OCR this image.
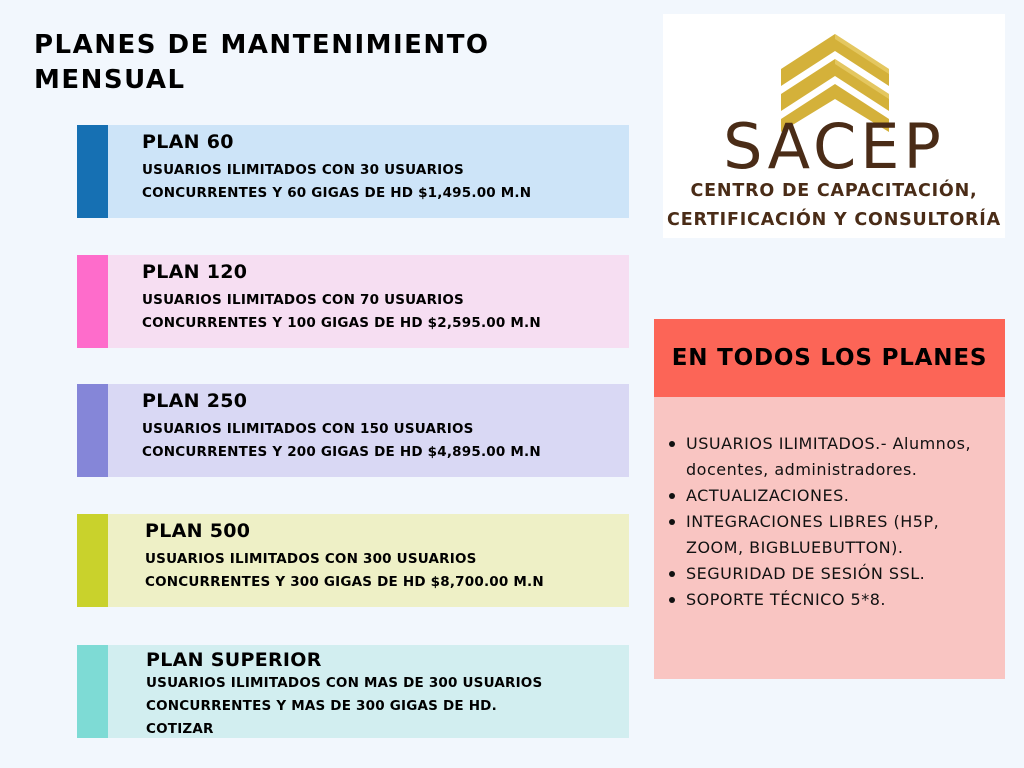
PLANES DE MANTENIMIENTO
MENSUAL
PLAN 60
USUARIOS ILIMITADOS CON 30 USUARIOS
CONCURRENTES Y 60 GIGAS DE HD $1,495.00 M.N
PLAN 120
USUARIOS ILIMITADOS CON 70 USUARIOS
CONCURRENTES Y 100 GIGAS DE HD $2,595.00 M.N
PLAN 250
USUARIOS ILIMITADOS CON 150 USUARIOS
CONCURRENTES Y 200 GIGAS DE HD $4,895.00 M.N
PLAN 500
USUARIOS ILIMITADOS CON 300 USUARIOS
CONCURRENTES Y 300 GIGAS DE HD $8,700.00 M.N
PLAN SUPERIOR
USUARIOS ILIMITADOS CON MAS DE 300 USUARIOS
CONCURRENTES Y MAS DE 300 GIGAS DE HD.
COTIZAR
SACEP
CENTRO DE CAPACITACIÓN,
CERTIFICACIÓN Y CONSULTORÍA
EN TODOS LOS PLANES
USUARIOS ILIMITADOS.- Alumnos, docentes, administradores.
ACTUALIZACIONES.
INTEGRACIONES LIBRES (H5P, ZOOM, BIGBLUEBUTTON).
SEGURIDAD DE SESIÓN SSL.
SOPORTE TÉCNICO 5*8.
